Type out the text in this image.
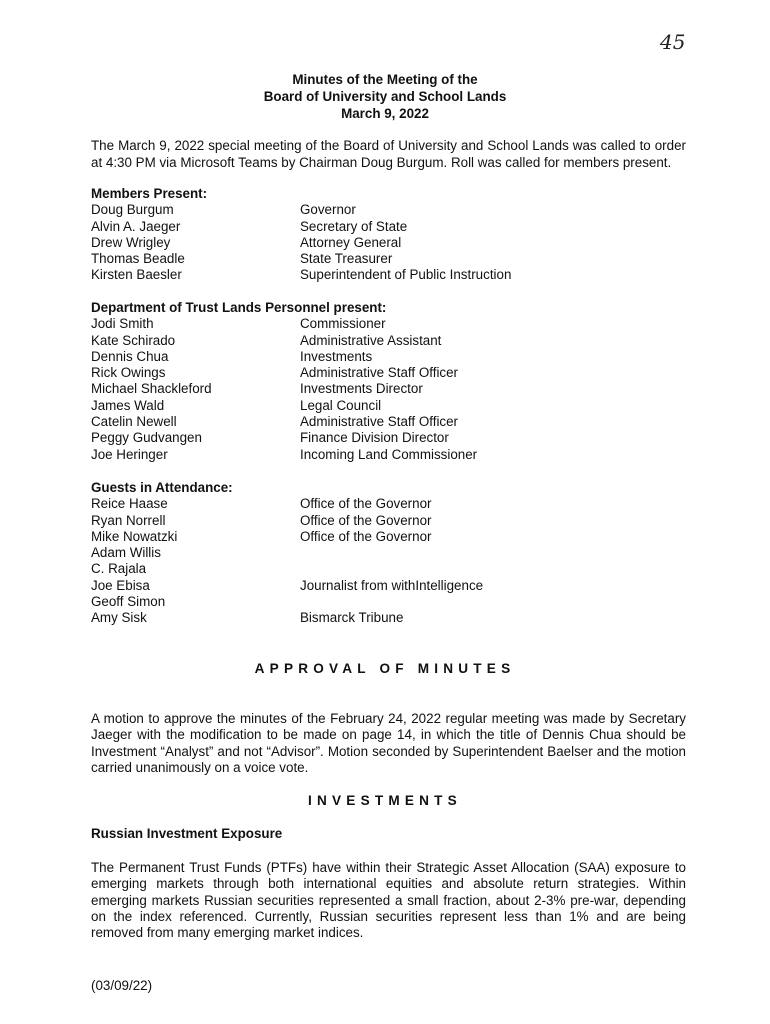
45
Minutes of the Meeting of the
Board of University and School Lands
March 9, 2022
The March 9, 2022 special meeting of the Board of University and School Lands was called to order at 4:30 PM via Microsoft Teams by Chairman Doug Burgum. Roll was called for members present.
Members Present:
Doug Burgum	Governor
Alvin A. Jaeger	Secretary of State
Drew Wrigley	Attorney General
Thomas Beadle	State Treasurer
Kirsten Baesler	Superintendent of Public Instruction
Department of Trust Lands Personnel present:
Jodi Smith	Commissioner
Kate Schirado	Administrative Assistant
Dennis Chua	Investments
Rick Owings	Administrative Staff Officer
Michael Shackleford	Investments Director
James Wald	Legal Council
Catelin Newell	Administrative Staff Officer
Peggy Gudvangen	Finance Division Director
Joe Heringer	Incoming Land Commissioner
Guests in Attendance:
Reice Haase	Office of the Governor
Ryan Norrell	Office of the Governor
Mike Nowatzki	Office of the Governor
Adam Willis
C. Rajala
Joe Ebisa	Journalist from withIntelligence
Geoff Simon
Amy Sisk	Bismarck Tribune
APPROVAL OF MINUTES
A motion to approve the minutes of the February 24, 2022 regular meeting was made by Secretary Jaeger with the modification to be made on page 14, in which the title of Dennis Chua should be Investment “Analyst” and not “Advisor”. Motion seconded by Superintendent Baelser and the motion carried unanimously on a voice vote.
INVESTMENTS
Russian Investment Exposure
The Permanent Trust Funds (PTFs) have within their Strategic Asset Allocation (SAA) exposure to emerging markets through both international equities and absolute return strategies. Within emerging markets Russian securities represented a small fraction, about 2-3% pre-war, depending on the index referenced. Currently, Russian securities represent less than 1% and are being removed from many emerging market indices.
(03/09/22)
